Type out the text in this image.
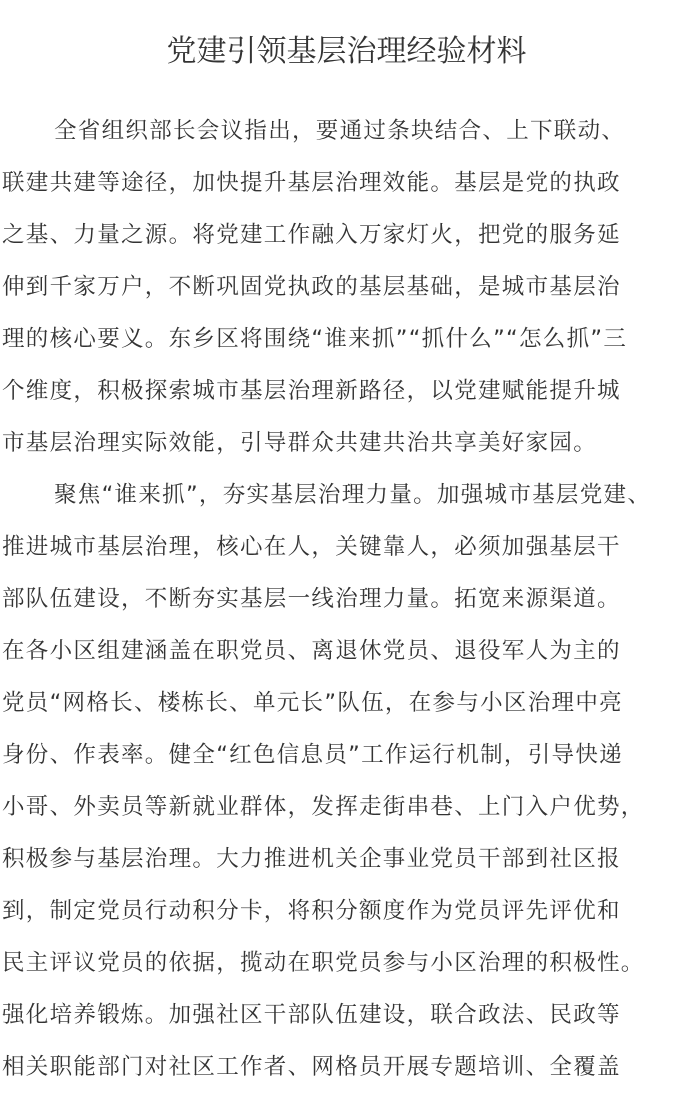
党建引领基层治理经验材料
全省组织部长会议指出，要通过条块结合、上下联动、
联建共建等途径，加快提升基层治理效能。基层是党的执政
之基、力量之源。将党建工作融入万家灯火，把党的服务延
伸到千家万户，不断巩固党执政的基层基础，是城市基层治
理的核心要义。东乡区将围绕“谁来抓”“抓什么”“怎么抓”三
个维度，积极探索城市基层治理新路径，以党建赋能提升城
市基层治理实际效能，引导群众共建共治共享美好家园。
聚焦“谁来抓”，夯实基层治理力量。加强城市基层党建、
推进城市基层治理，核心在人，关键靠人，必须加强基层干
部队伍建设，不断夯实基层一线治理力量。拓宽来源渠道。
在各小区组建涵盖在职党员、离退休党员、退役军人为主的
党员“网格长、楼栋长、单元长”队伍，在参与小区治理中亮
身份、作表率。健全“红色信息员”工作运行机制，引导快递
小哥、外卖员等新就业群体，发挥走街串巷、上门入户优势，
积极参与基层治理。大力推进机关企事业党员干部到社区报
到，制定党员行动积分卡，将积分额度作为党员评先评优和
民主评议党员的依据，揽动在职党员参与小区治理的积极性。
强化培养锻炼。加强社区干部队伍建设，联合政法、民政等
相关职能部门对社区工作者、网格员开展专题培训、全覆盖
